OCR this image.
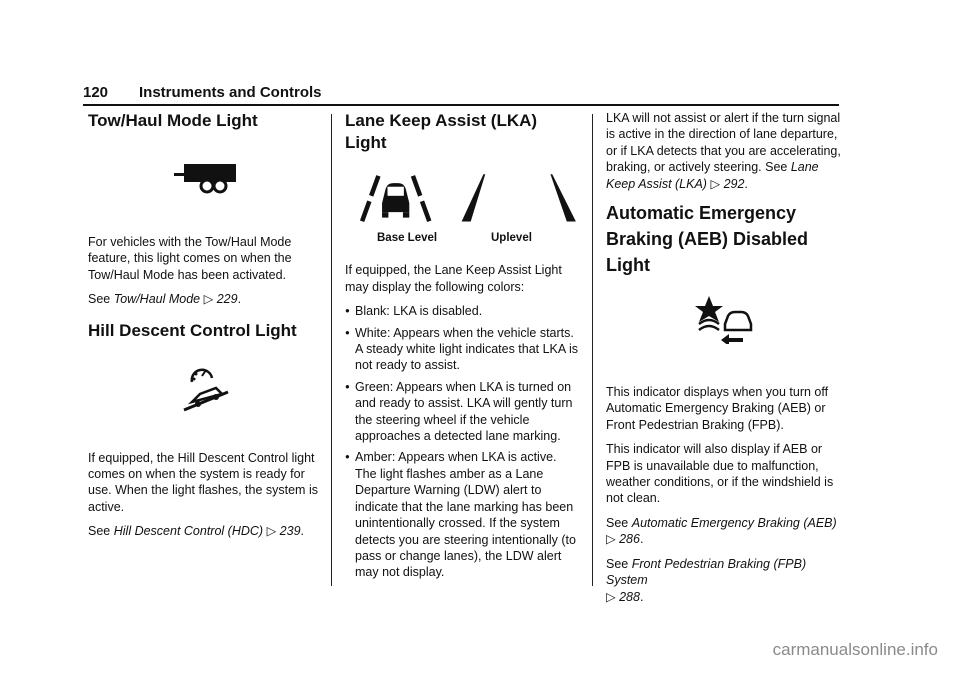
120 Instruments and Controls
Tow/Haul Mode Light

For vehicles with the Tow/Haul Mode feature, this light comes on when the Tow/Haul Mode has been activated.

See Tow/Haul Mode ▷ 229.

Hill Descent Control Light

If equipped, the Hill Descent Control light comes on when the system is ready for use. When the light flashes, the system is active.

See Hill Descent Control (HDC) ▷ 239.

Lane Keep Assist (LKA) Light
Base Level	Uplevel

If equipped, the Lane Keep Assist Light may display the following colors:

● Blank: LKA is disabled.
● White: Appears when the vehicle starts. A steady white light indicates that LKA is not ready to assist.
● Green: Appears when LKA is turned on and ready to assist. LKA will gently turn the steering wheel if the vehicle approaches a detected lane marking.
● Amber: Appears when LKA is active. The light flashes amber as a Lane Departure Warning (LDW) alert to indicate that the lane marking has been unintentionally crossed. If the system detects you are steering intentionally (to pass or change lanes), the LDW alert may not display.

LKA will not assist or alert if the turn signal is active in the direction of lane departure, or if LKA detects that you are accelerating, braking, or actively steering. See Lane Keep Assist (LKA) ▷ 292.

Automatic Emergency Braking (AEB) Disabled Light

This indicator displays when you turn off Automatic Emergency Braking (AEB) or Front Pedestrian Braking (FPB).

This indicator will also display if AEB or FPB is unavailable due to malfunction, weather conditions, or if the windshield is not clean.

See Automatic Emergency Braking (AEB)
▷ 286.

See Front Pedestrian Braking (FPB) System
▷ 288.

carmanualsonline.info
